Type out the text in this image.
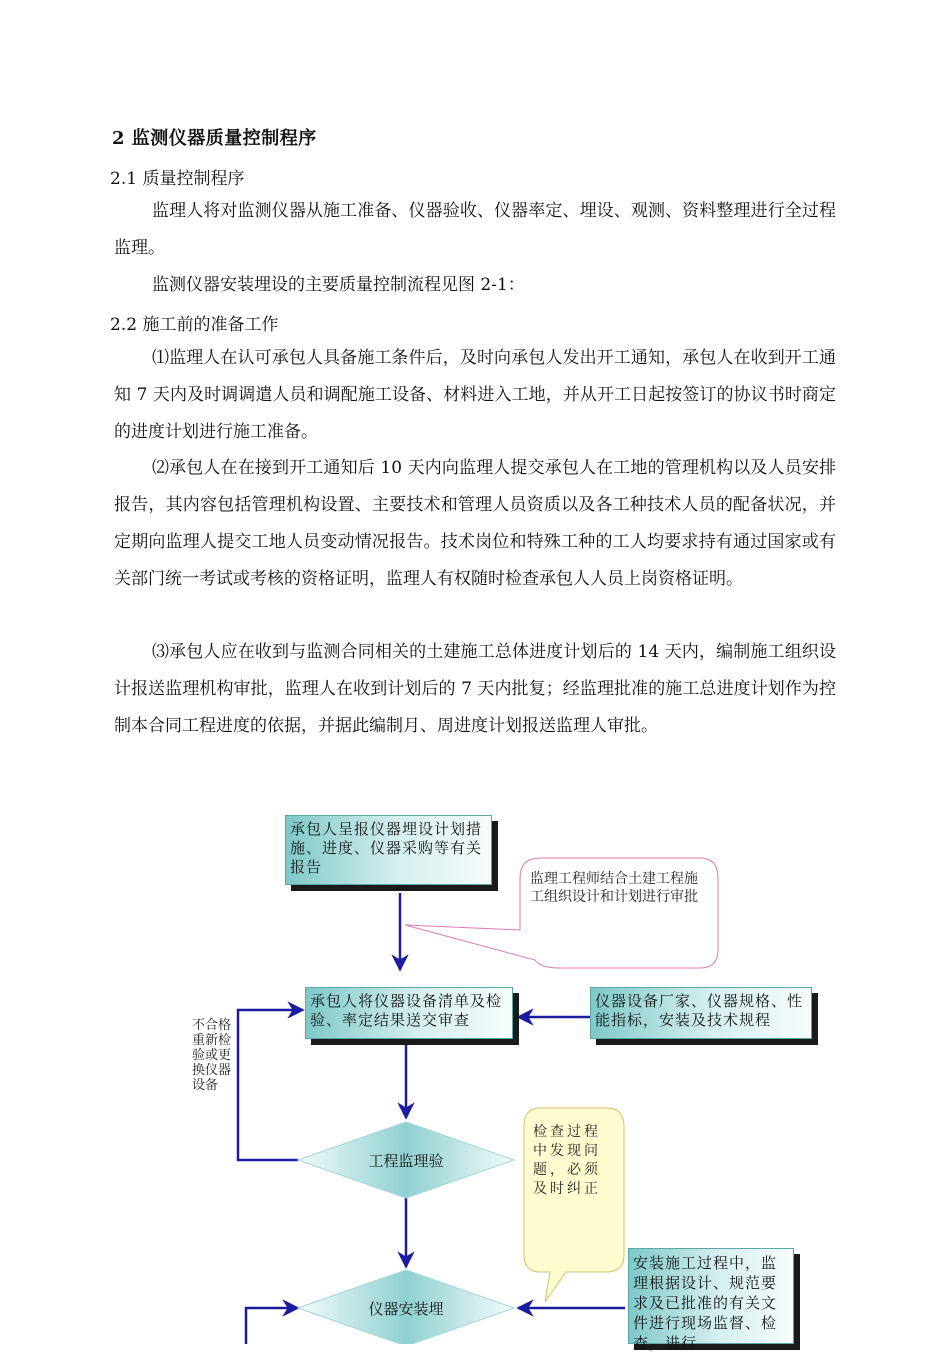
2 监测仪器质量控制程序
2.1 质量控制程序

监理人将对监测仪器从施工准备、仪器验收、仪器率定、埋设、观测、资料整理进行全过程监理。

监测仪器安装埋设的主要质量控制流程见图 2-1：

2.2 施工前的准备工作

⑴监理人在认可承包人具备施工条件后，及时向承包人发出开工通知，承包人在收到开工通知 7 天内及时调调遣人员和调配施工设备、材料进入工地，并从开工日起按签订的协议书时商定的进度计划进行施工准备。

⑵承包人在在接到开工通知后 10 天内向监理人提交承包人在工地的管理机构以及人员安排报告，其内容包括管理机构设置、主要技术和管理人员资质以及各工种技术人员的配备状况，并定期向监理人提交工地人员变动情况报告。技术岗位和特殊工种的工人均要求持有通过国家或有关部门统一考试或考核的资格证明，监理人有权随时检查承包人人员上岗资格证明。

⑶承包人应在收到与监测合同相关的土建施工总体进度计划后的 14 天内，编制施工组织设计报送监理机构审批，监理人在收到计划后的 7 天内批复；经监理批准的施工总进度计划作为控制本合同工程进度的依据，并据此编制月、周进度计划报送监理人审批。

承包人呈报仪器埋设计划措施、进度、仪器采购等有关报告
承包人将仪器设备清单及检验、率定结果送交审查
仪器设备厂家、仪器规格、性能指标，安装及技术规程
安装施工过程中，监理根据设计、规范要求及已批准的有关文件进行现场监督、检查，进行
监理工程师结合土建工程施工组织设计和计划进行审批
检查过程中发现问题，必须及时纠正
不合格重新检验或更换仪器设备
工程监理验
仪器安装埋
